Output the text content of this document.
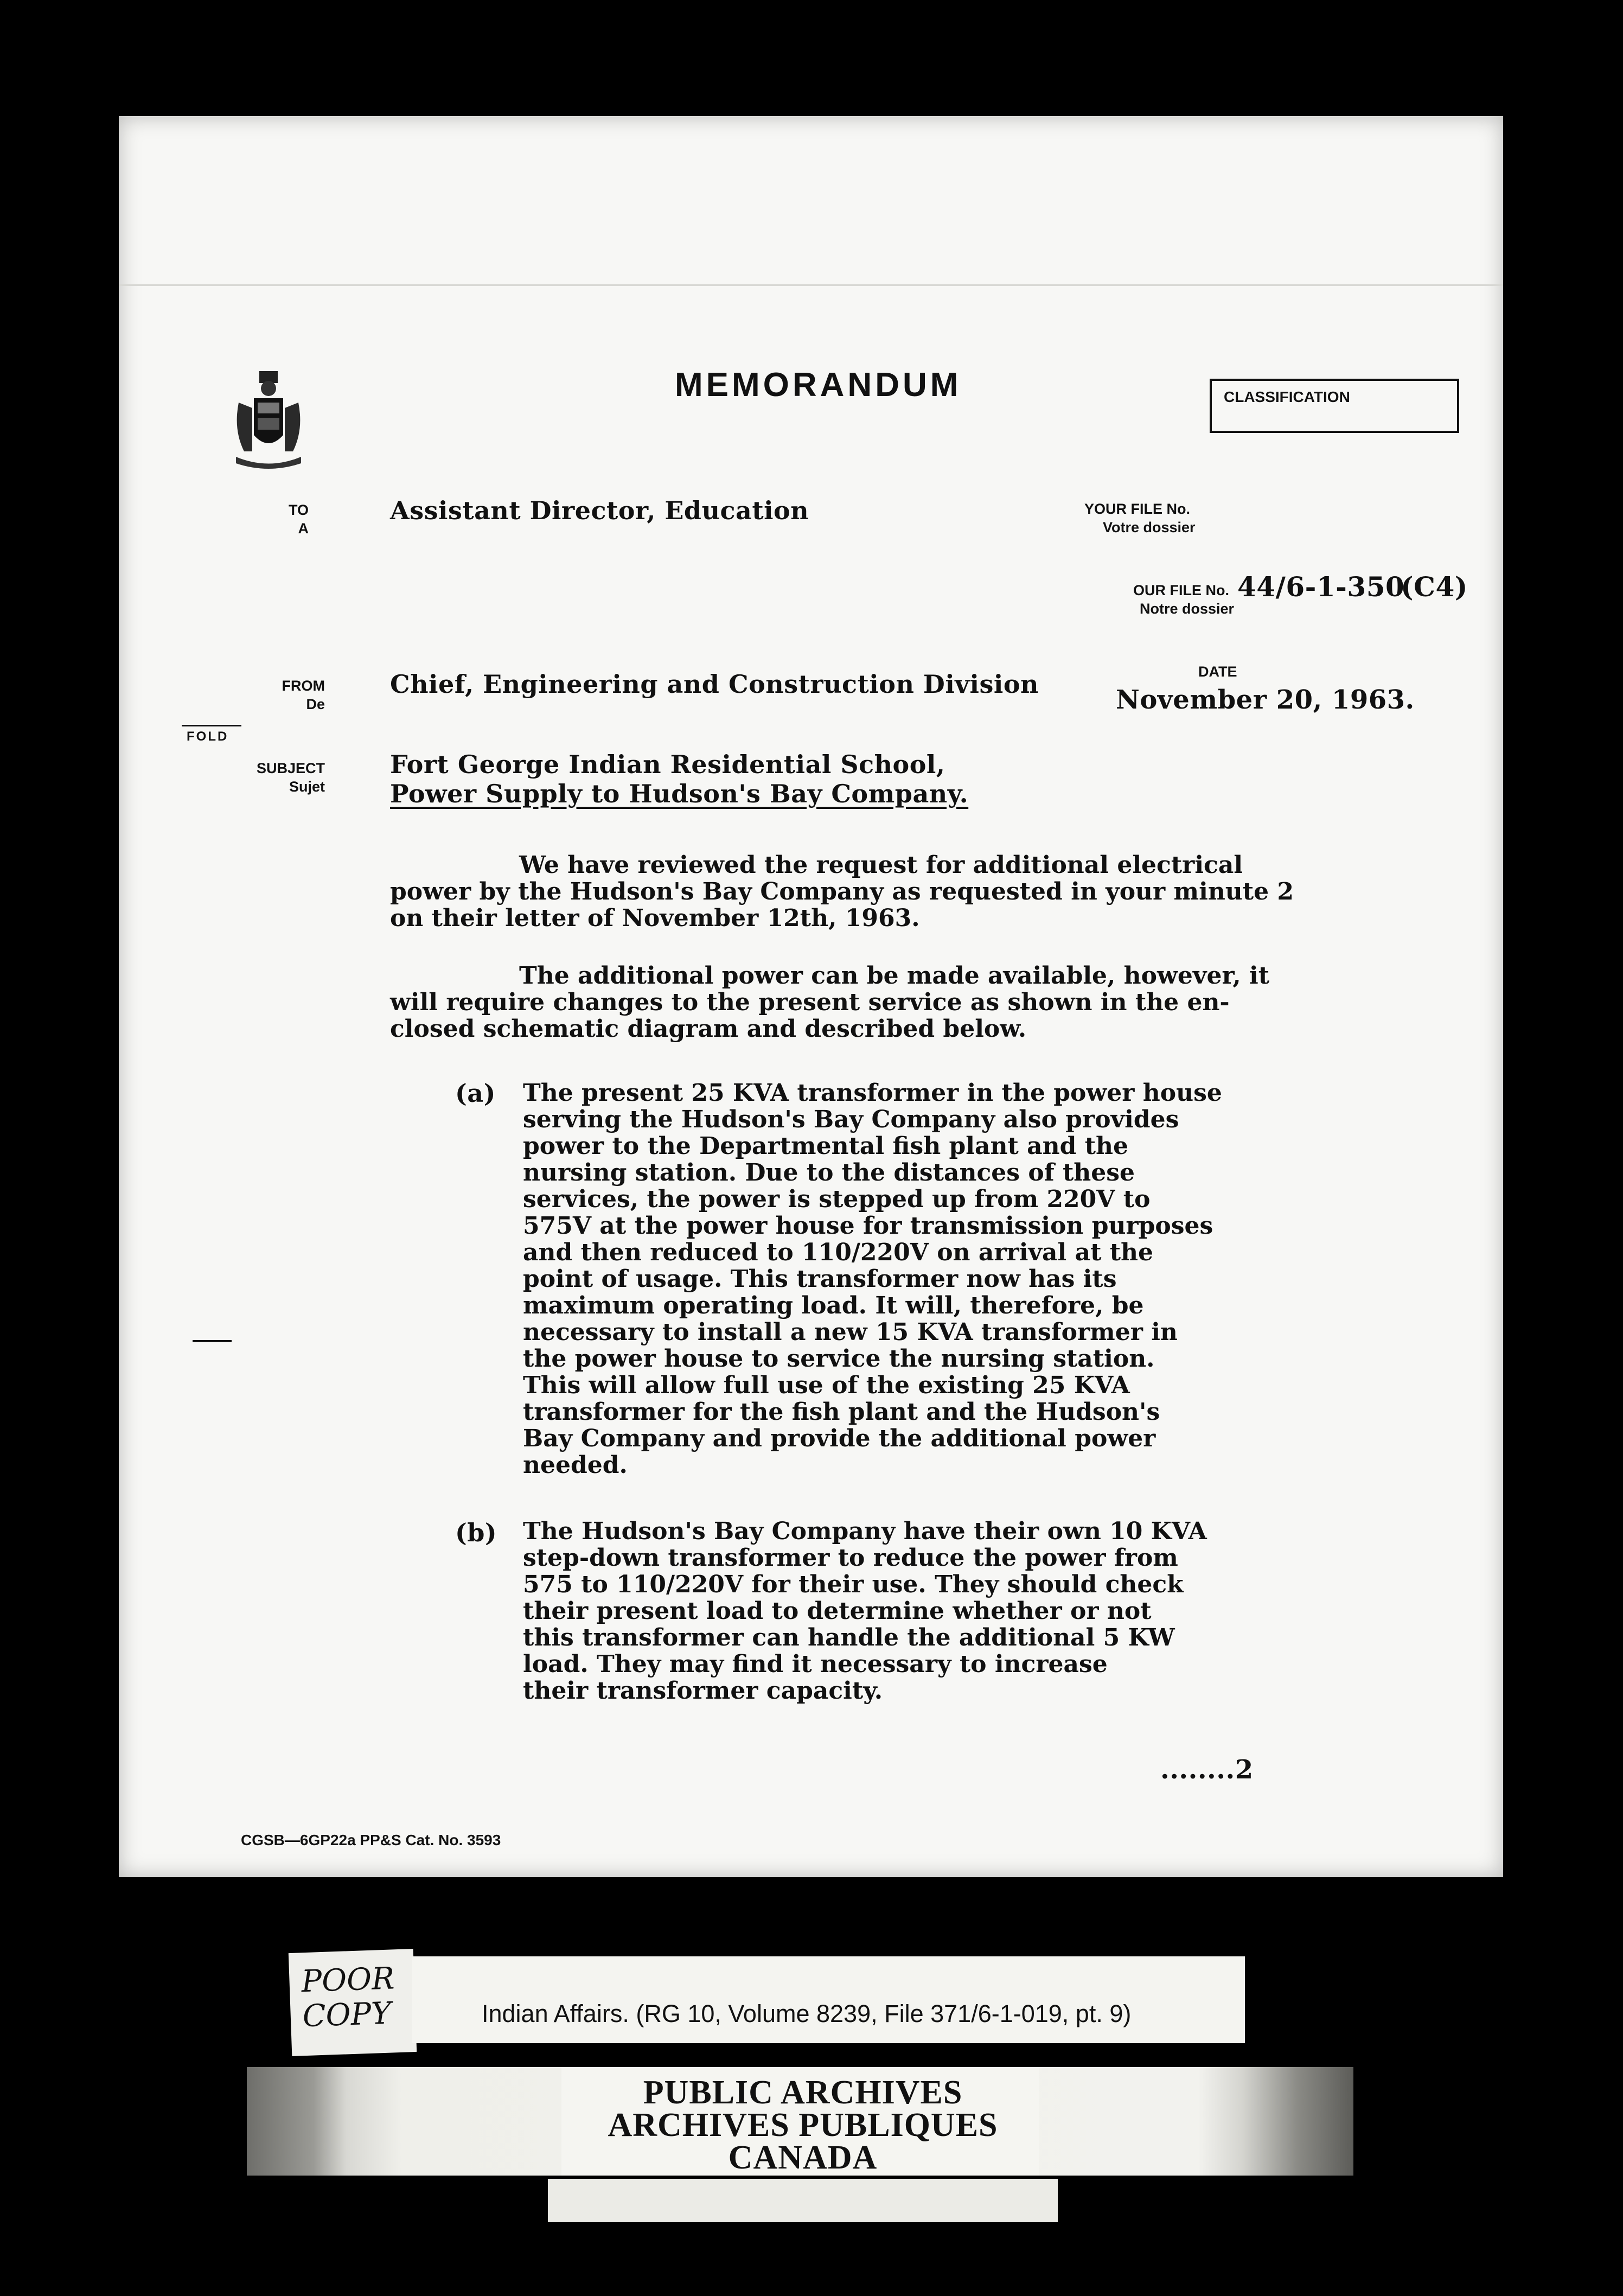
MEMORANDUM	CLASSIFICATION
TO
A
Assistant Director, Education	YOUR FILE No.
Votre dossier
OUR FILE No.
Notre dossier
44/6-1-350
(C4)
FROM
De
Chief, Engineering and Construction Division	DATE
November 20, 1963.
FOLD
SUBJECT
Sujet
Fort George Indian Residential School,
Power Supply to Hudson's Bay Company.

We have reviewed the request for additional electrical

power by the Hudson's Bay Company as requested in your minute 2

on their letter of November 12th, 1963.

The additional power can be made available, however, it

will require changes to the present service as shown in the en-

closed schematic diagram and described below.

(a) The present 25 KVA transformer in the power house

serving the Hudson's Bay Company also provides

power to the Departmental fish plant and the

nursing station. Due to the distances of these

services, the power is stepped up from 220V to

575V at the power house for transmission purposes

and then reduced to 110/220V on arrival at the

point of usage. This transformer now has its

maximum operating load. It will, therefore, be

necessary to install a new 15 KVA transformer in

the power house to service the nursing station.

This will allow full use of the existing 25 KVA

transformer for the fish plant and the Hudson's

Bay Company and provide the additional power

needed.

(b) The Hudson's Bay Company have their own 10 KVA

step-down transformer to reduce the power from

575 to 110/220V for their use. They should check

their present load to determine whether or not

this transformer can handle the additional 5 KW

load. They may find it necessary to increase

their transformer capacity.

........2
CGSB—6GP22a PP&S Cat. No. 3593
POOR
COPY	Indian Affairs. (RG 10, Volume 8239, File 371/6-1-019, pt. 9)
PUBLIC ARCHIVES
ARCHIVES PUBLIQUES
CANADA
